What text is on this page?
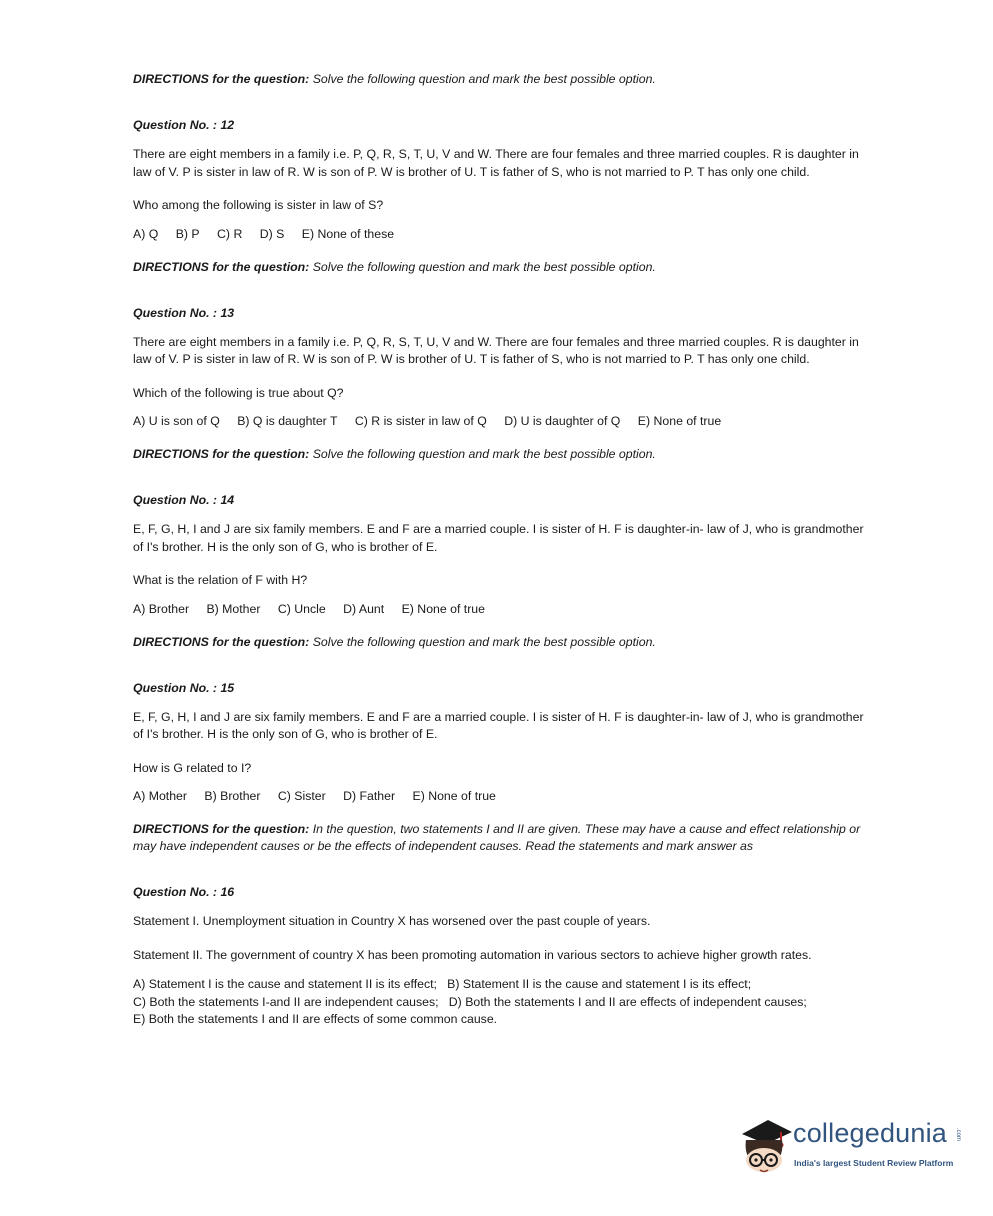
DIRECTIONS for the question: Solve the following question and mark the best possible option.

Question No. : 12

There are eight members in a family i.e. P, Q, R, S, T, U, V and W. There are four females and three married couples. R is daughter in law of V. P is sister in law of R. W is son of P. W is brother of U. T is father of S, who is not married to P. T has only one child.

Who among the following is sister in law of S?

A) Q B) P C) R D) S E) None of these

DIRECTIONS for the question: Solve the following question and mark the best possible option.

Question No. : 13

There are eight members in a family i.e. P, Q, R, S, T, U, V and W. There are four females and three married couples. R is daughter in law of V. P is sister in law of R. W is son of P. W is brother of U. T is father of S, who is not married to P. T has only one child.

Which of the following is true about Q?

A) U is son of Q B) Q is daughter T C) R is sister in law of Q D) U is daughter of Q E) None of true

DIRECTIONS for the question: Solve the following question and mark the best possible option.

Question No. : 14

E, F, G, H, I and J are six family members. E and F are a married couple. I is sister of H. F is daughter-in- law of J, who is grandmother of I's brother. H is the only son of G, who is brother of E.

What is the relation of F with H?

A) Brother B) Mother C) Uncle D) Aunt E) None of true

DIRECTIONS for the question: Solve the following question and mark the best possible option.

Question No. : 15

E, F, G, H, I and J are six family members. E and F are a married couple. I is sister of H. F is daughter-in- law of J, who is grandmother of I's brother. H is the only son of G, who is brother of E.

How is G related to I?

A) Mother B) Brother C) Sister D) Father E) None of true

DIRECTIONS for the question: In the question, two statements I and II are given. These may have a cause and effect relationship or may have independent causes or be the effects of independent causes. Read the statements and mark answer as

Question No. : 16

Statement I. Unemployment situation in Country X has worsened over the past couple of years.

Statement II. The government of country X has been promoting automation in various sectors to achieve higher growth rates.

A) Statement I is the cause and statement II is its effect;   B) Statement II is the cause and statement I is its effect;
C) Both the statements I-and II are independent causes;   D) Both the statements I and II are effects of independent causes;
E) Both the statements I and II are effects of some common cause.

collegedunia .com
India's largest Student Review Platform
